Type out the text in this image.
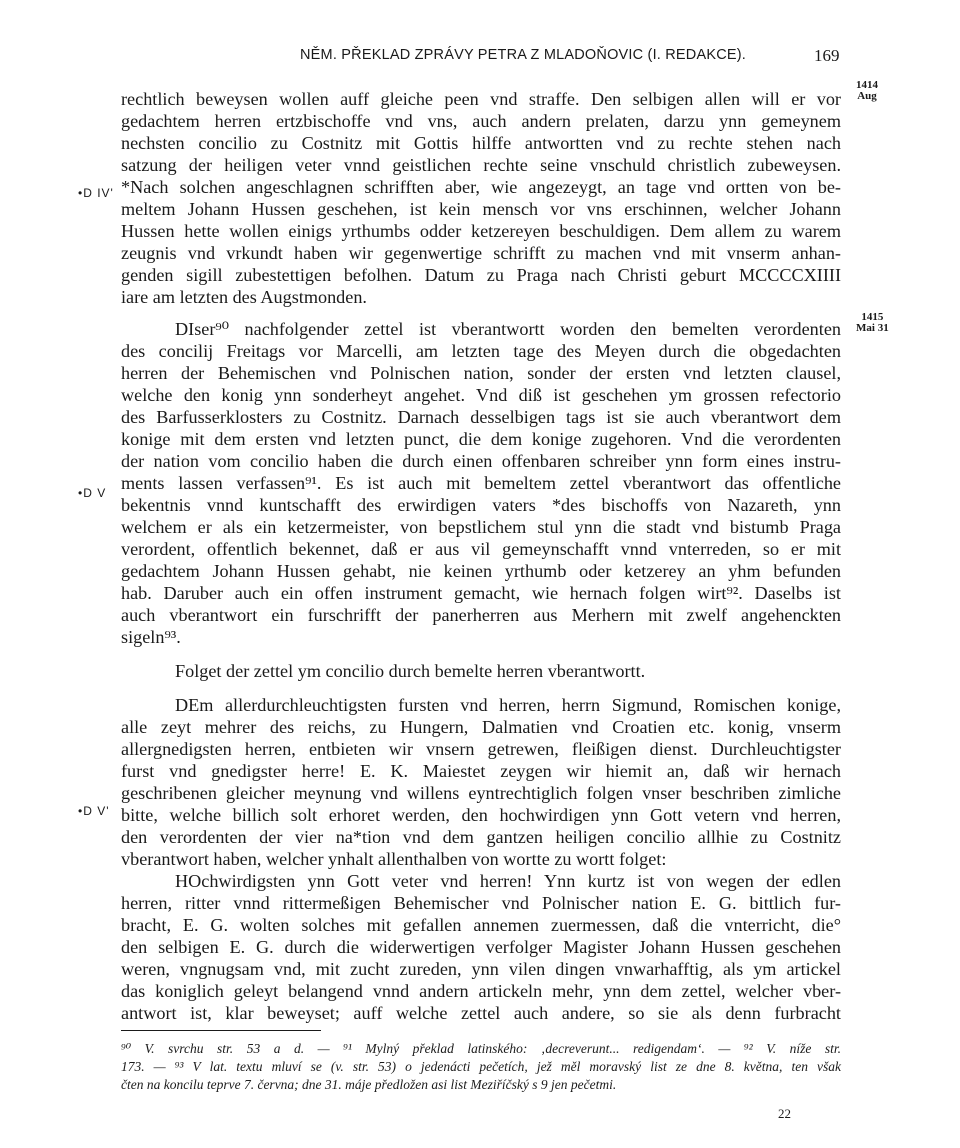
NĚM. PŘEKLAD ZPRÁVY PETRA Z MLADOŇOVIC (I. REDAKCE).	169
1414
Aug
1415
Mai 31
•D IV'
•D V
•D V'
rechtlich beweysen wollen auff gleiche peen vnd straffe. Den selbigen allen will er vor
gedachtem herren ertzbischoffe vnd vns, auch andern prelaten, darzu ynn gemeynem
nechsten concilio zu Costnitz mit Gottis hilffe antwortten vnd zu rechte stehen nach
satzung der heiligen veter vnnd geistlichen rechte seine vnschuld christlich zubeweysen.
*Nach solchen angeschlagnen schrifften aber, wie angezeygt, an tage vnd ortten von be-
meltem Johann Hussen geschehen, ist kein mensch vor vns erschinnen, welcher Johann
Hussen hette wollen einigs yrthumbs odder ketzereyen beschuldigen. Dem allem zu warem
zeugnis vnd vrkundt haben wir gegenwertige schrifft zu machen vnd mit vnserm anhan-
genden sigill zubestettigen befolhen. Datum zu Praga nach Christi geburt MCCCCXIIII
iare am letzten des Augstmonden.
DIser⁹⁰ nachfolgender zettel ist vberantwortt worden den bemelten verordenten
des concilij Freitags vor Marcelli, am letzten tage des Meyen durch die obgedachten
herren der Behemischen vnd Polnischen nation, sonder der ersten vnd letzten clausel,
welche den konig ynn sonderheyt angehet. Vnd diß ist geschehen ym grossen refectorio
des Barfusserklosters zu Costnitz. Darnach desselbigen tags ist sie auch vberantwort dem
konige mit dem ersten vnd letzten punct, die dem konige zugehoren. Vnd die verordenten
der nation vom concilio haben die durch einen offenbaren schreiber ynn form eines instru-
ments lassen verfassen⁹¹. Es ist auch mit bemeltem zettel vberantwort das offentliche
bekentnis vnnd kuntschafft des erwirdigen vaters *des bischoffs von Nazareth, ynn
welchem er als ein ketzermeister, von bepstlichem stul ynn die stadt vnd bistumb Praga
verordent, offentlich bekennet, daß er aus vil gemeynschafft vnnd vnterreden, so er mit
gedachtem Johann Hussen gehabt, nie keinen yrthumb oder ketzerey an yhm befunden
hab. Daruber auch ein offen instrument gemacht, wie hernach folgen wirt⁹². Daselbs ist
auch vberantwort ein furschrifft der panerherren aus Merhern mit zwelf angehenckten
sigeln⁹³.
Folget der zettel ym concilio durch bemelte herren vberantwortt.
DEm allerdurchleuchtigsten fursten vnd herren, herrn Sigmund, Romischen konige,
alle zeyt mehrer des reichs, zu Hungern, Dalmatien vnd Croatien etc. konig, vnserm
allergnedigsten herren, entbieten wir vnsern getrewen, fleißigen dienst. Durchleuchtigster
furst vnd gnedigster herre! E. K. Maiestet zeygen wir hiemit an, daß wir hernach
geschribenen gleicher meynung vnd willens eyntrechtiglich folgen vnser beschriben zimliche
bitte, welche billich solt erhoret werden, den hochwirdigen ynn Gott vetern vnd herren,
den verordenten der vier na*tion vnd dem gantzen heiligen concilio allhie zu Costnitz
vberantwort haben, welcher ynhalt allenthalben von wortte zu wortt folget:
HOchwirdigsten ynn Gott veter vnd herren! Ynn kurtz ist von wegen der edlen
herren, ritter vnnd rittermeßigen Behemischer vnd Polnischer nation E. G. bittlich fur-
bracht, E. G. wolten solches mit gefallen annemen zuermessen, daß die vnterricht, die°
den selbigen E. G. durch die widerwertigen verfolger Magister Johann Hussen geschehen
weren, vngnugsam vnd, mit zucht zureden, ynn vilen dingen vnwarhafftig, als ym artickel
das koniglich geleyt belangend vnnd andern artickeln mehr, ynn dem zettel, welcher vber-
antwort ist, klar beweyset; auff welche zettel auch andere, so sie als denn furbracht
⁹⁰ V. svrchu str. 53 a d. — ⁹¹ Mylný překlad latinského: ‚decreverunt... redigendam‘. — ⁹² V. níže str.
173. — ⁹³ V lat. textu mluví se (v. str. 53) o jedenácti pečetích, jež měl moravský list ze dne 8. května, ten však
čten na koncilu teprve 7. června; dne 31. máje předložen asi list Meziříčský s 9 jen pečetmi.
22
